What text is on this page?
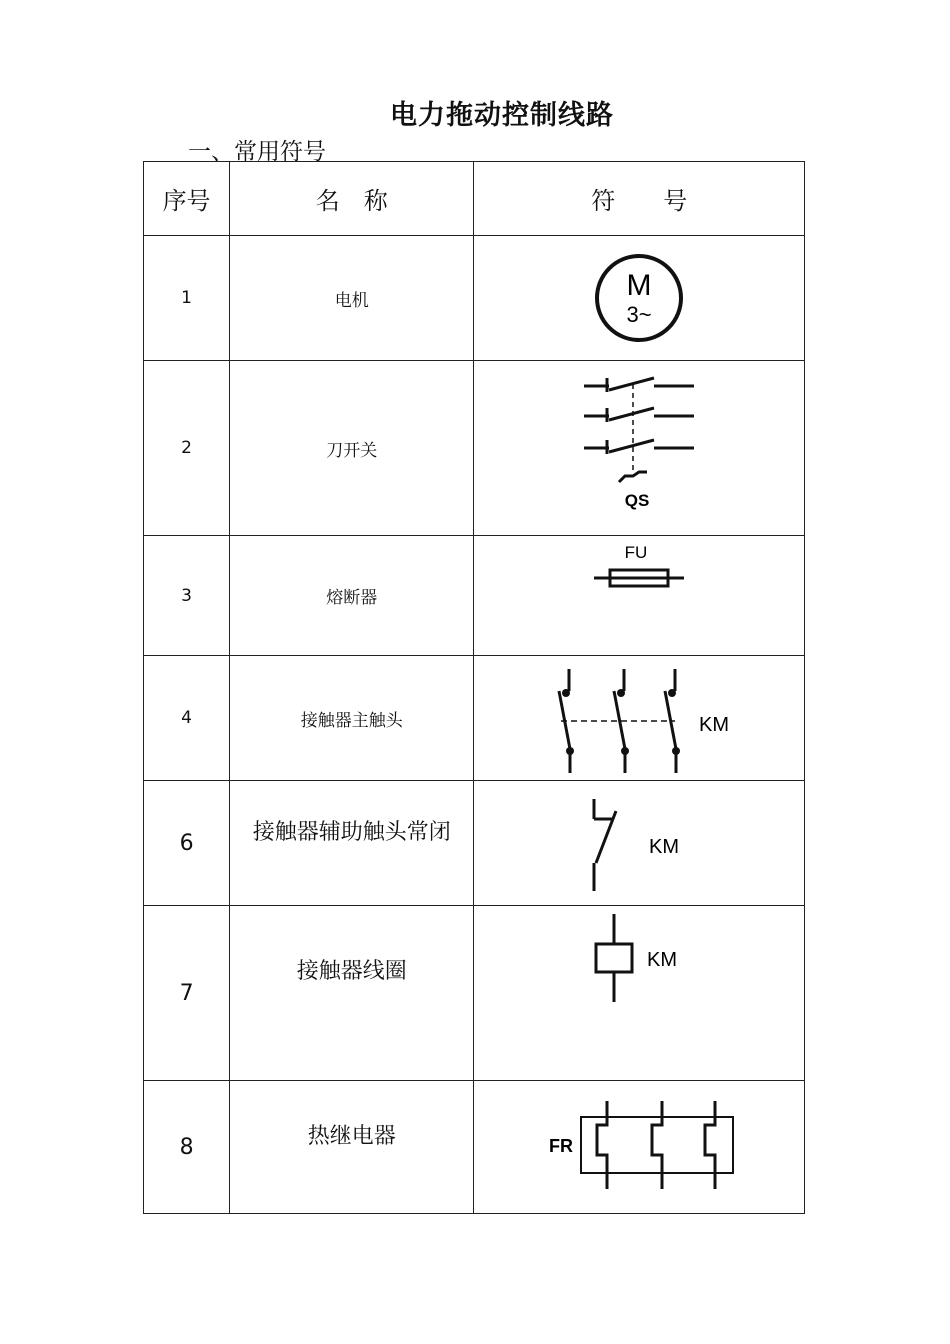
电力拖动控制线路
一、常用符号
序号	名　称	符　　号
1	电机	M
3~

2	刀开关	QS

3	熔断器	FU

4	接触器主触头	KM

6	接触器辅助触头常闭	KM

7	接触器线圈	KM

8	热继电器	FR
